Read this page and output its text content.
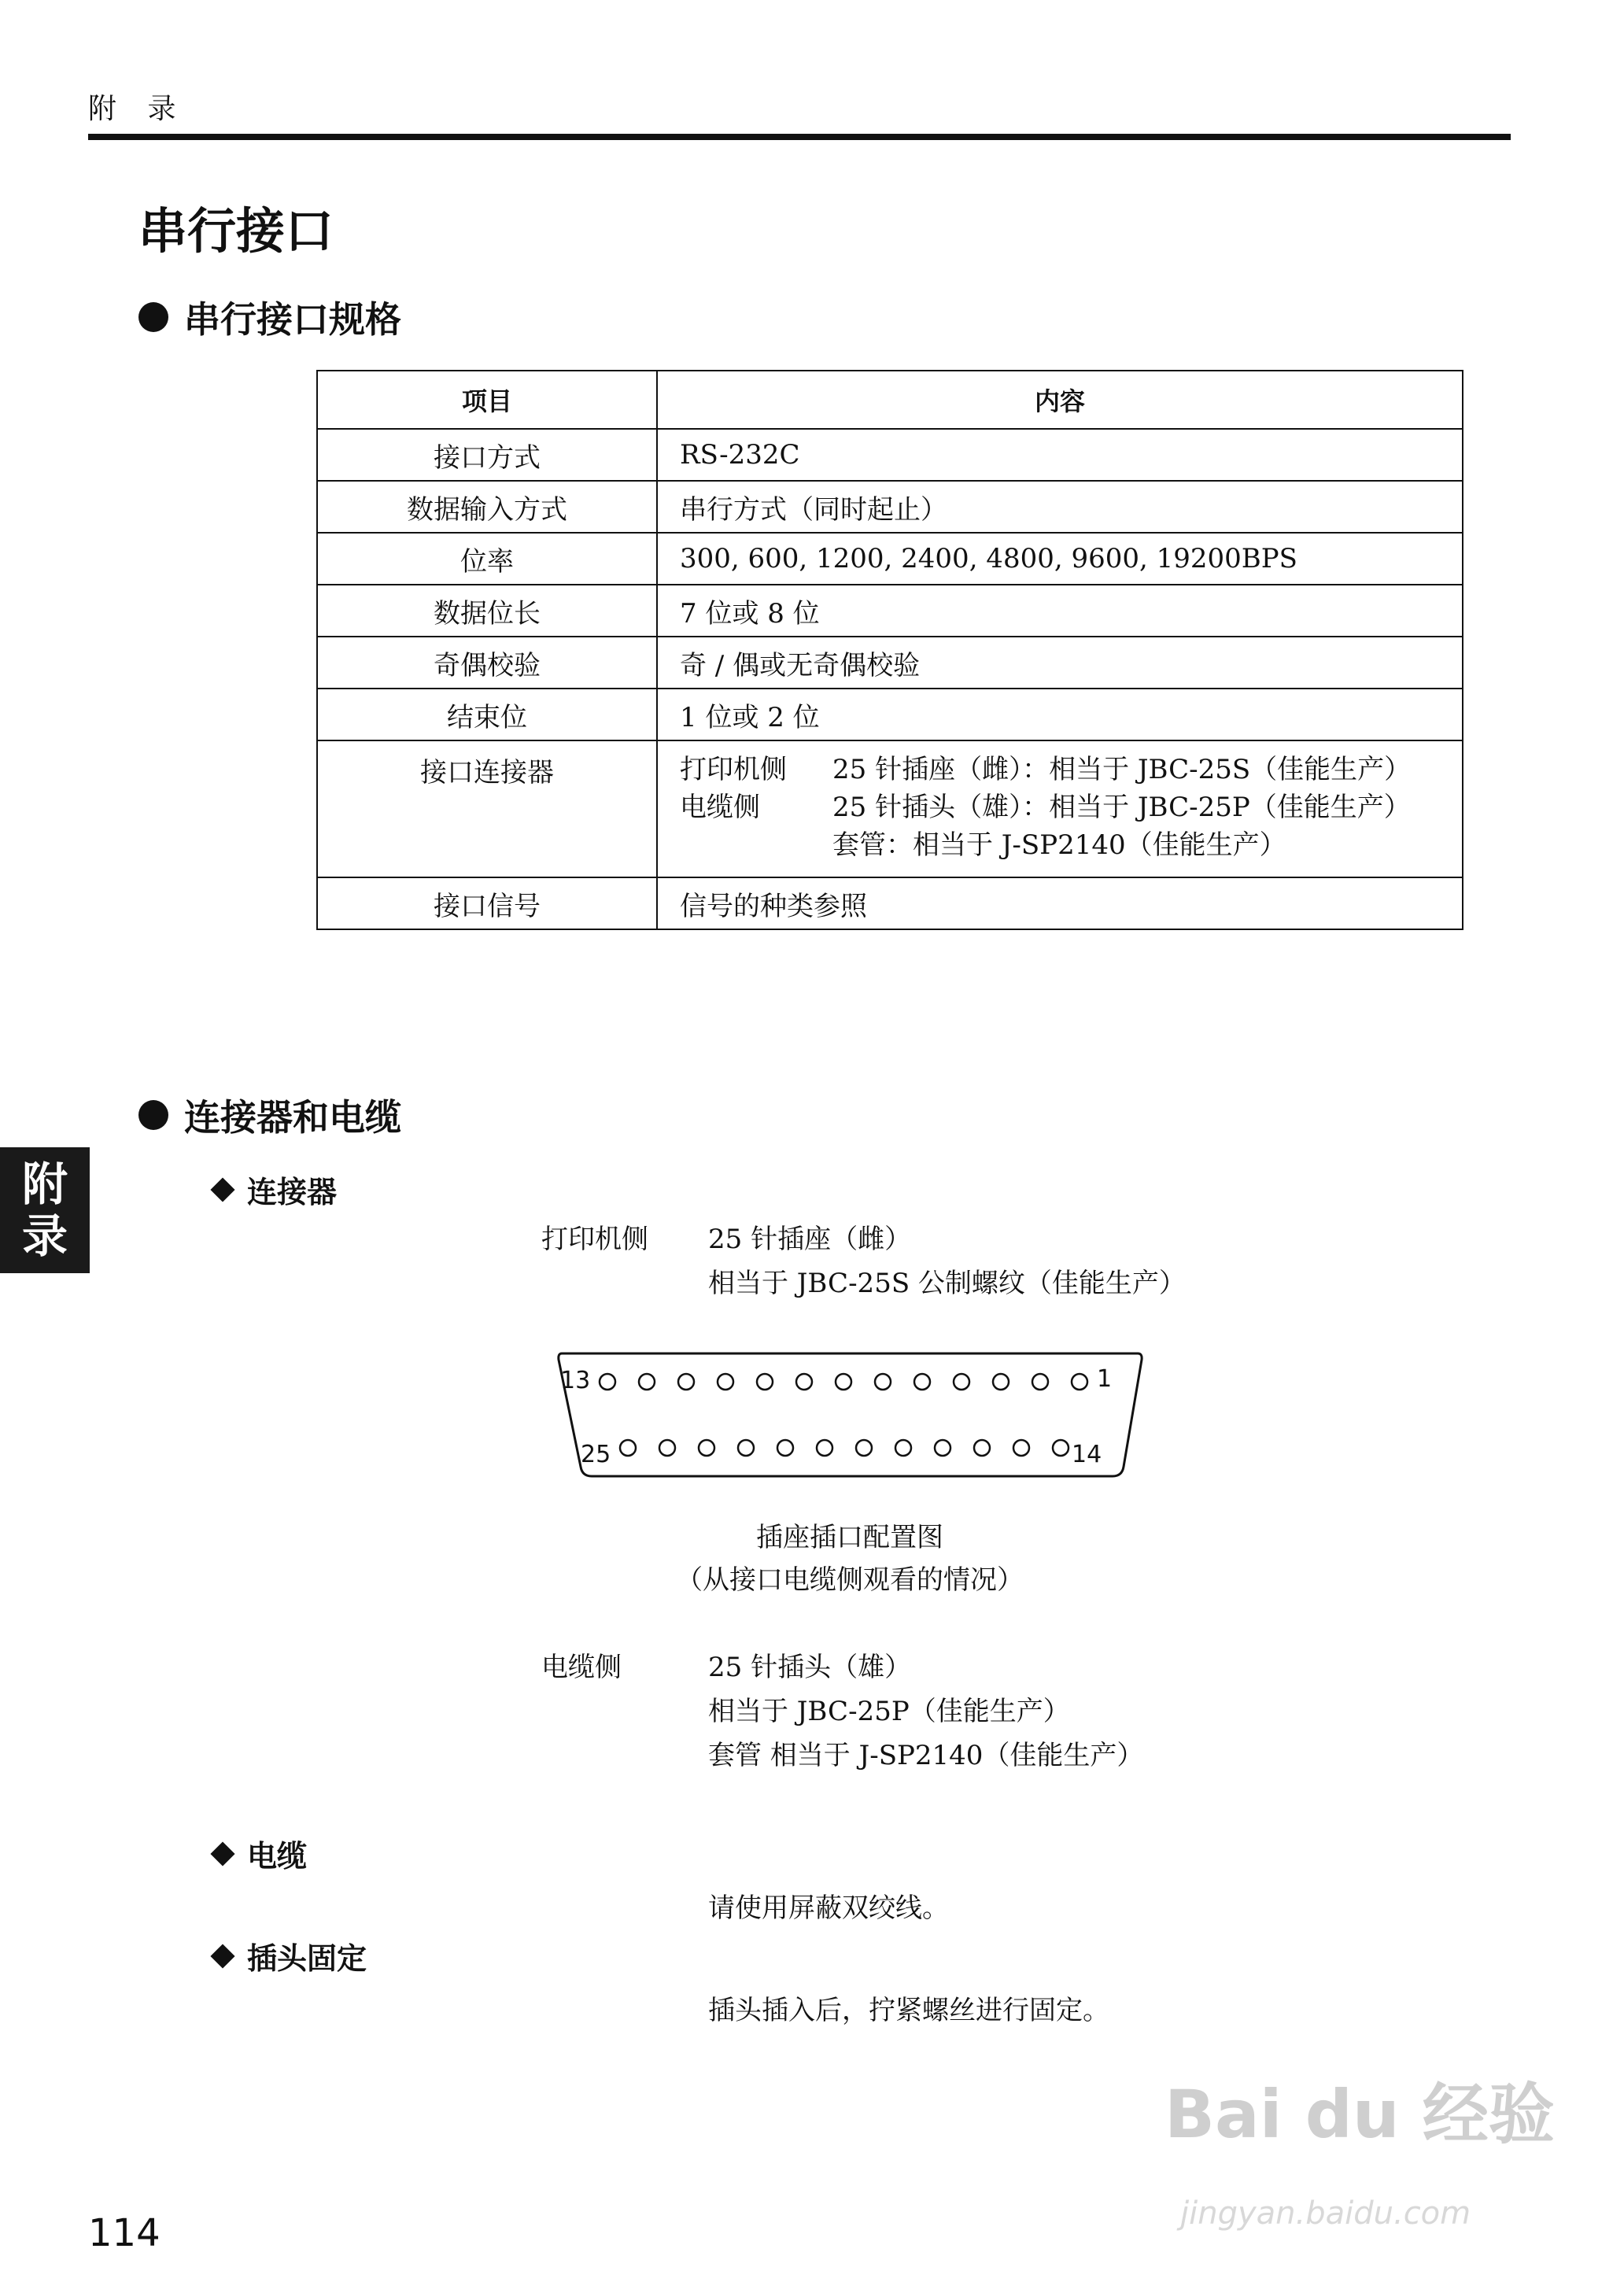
附 录
串行接口
串行接口规格
项目	内容
接口方式	RS-232C
数据输入方式	串行方式（同时起止）
位率	300, 600, 1200, 2400, 4800, 9600, 19200BPS
数据位长	7 位或 8 位
奇偶校验	奇 / 偶或无奇偶校验
结束位	1 位或 2 位
接口连接器	打印机侧 25 针插座（雌）：相当于 JBC-25S（佳能生产）
电缆侧 25 针插头（雄）：相当于 JBC-25P（佳能生产）
套管：相当于 J-SP2140（佳能生产）

接口信号	信号的种类参照
附
录
连接器和电缆
连接器
打印机侧 25 针插座（雌）
相当于 JBC-25S 公制螺纹（佳能生产）
13	1
25	14
插座插口配置图
（从接口电缆侧观看的情况）
电缆侧	25 针插头（雄）
相当于 JBC-25P（佳能生产）
套管 相当于 J-SP2140（佳能生产）
电缆
请使用屏蔽双绞线。
插头固定
插头插入后，拧紧螺丝进行固定。
114
Bai du 经验
jingyan.baidu.com
